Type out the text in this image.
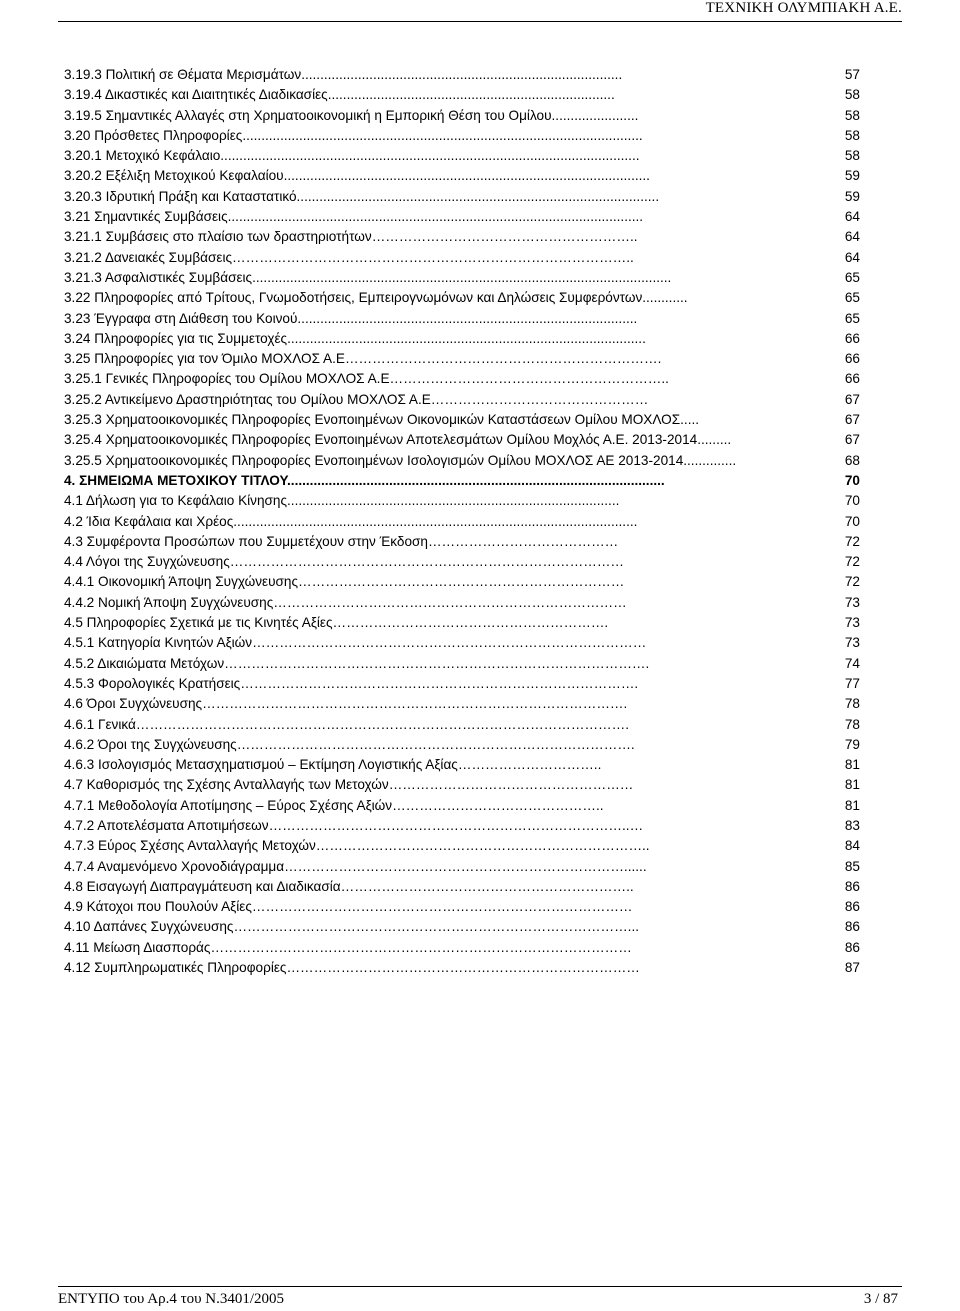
ΤΕΧΝΙΚΗ ΟΛΥΜΠΙΑΚΗ Α.Ε.
3.19.3 Πολιτική σε Θέματα Μερισμάτων.....................................................................................	57
3.19.4 Δικαστικές και Διαιτητικές Διαδικασίες............................................................................	58
3.19.5 Σημαντικές Αλλαγές στη Χρηματοοικονομική η Εμπορική Θέση του Ομίλου.......................	58
3.20 Πρόσθετες Πληροφορίες..........................................................................................................	58
3.20.1 Μετοχικό Κεφάλαιο...............................................................................................................	58
3.20.2 Εξέλιξη Μετοχικού Κεφαλαίου.................................................................................................	59
3.20.3 Ιδρυτική Πράξη και Καταστατικό................................................................................................	59
3.21 Σημαντικές Συμβάσεις..............................................................................................................	64
3.21.1 Συμβάσεις στο πλαίσιο των δραστηριοτήτων…………………………………………………..	64
3.21.2 Δανειακές Συμβάσεις……………………………………………………………………………..	64
3.21.3 Ασφαλιστικές Συμβάσεις...............................................................................................................	65
3.22 Πληροφορίες από Τρίτους, Γνωμοδοτήσεις, Εμπειρογνωμόνων και Δηλώσεις Συμφερόντων............	65
3.23 Έγγραφα στη Διάθεση του Κοινού..........................................................................................	65
3.24 Πληροφορίες για τις Συμμετοχές...............................................................................................	66
3.25 Πληροφορίες για τον Όμιλο ΜΟΧΛΟΣ Α.Ε…………………………………………………………….	66
3.25.1 Γενικές Πληροφορίες του Ομίλου ΜΟΧΛΟΣ Α.Ε……………………………………………………..	66
3.25.2 Αντικείμενο Δραστηριότητας του Ομίλου ΜΟΧΛΟΣ Α.Ε…………………………………………	67
3.25.3 Χρηματοοικονομικές Πληροφορίες Ενοποιημένων Οικονομικών Καταστάσεων Ομίλου ΜΟΧΛΟΣ.....	67
3.25.4 Χρηματοοικονομικές Πληροφορίες Ενοποιημένων Αποτελεσμάτων Ομίλου Μοχλός Α.Ε. 2013-2014.........	67
3.25.5 Χρηματοοικονομικές Πληροφορίες Ενοποιημένων Ισολογισμών Ομίλου ΜΟΧΛΟΣ ΑΕ 2013-2014..............	68
4. ΣΗΜΕΙΩΜΑ ΜΕΤΟΧΙΚΟΥ ΤΙΤΛΟΥ....................................................................................................	70
4.1 Δήλωση για το Κεφάλαιο Κίνησης........................................................................................	70
4.2 Ίδια Κεφάλαια και Χρέος...........................................................................................................	70
4.3 Συμφέροντα Προσώπων που Συμμετέχουν στην Έκδοση……………………………………	72
4.4 Λόγοι της Συγχώνευσης……………………………………………………………………………	72
4.4.1 Οικονομική Άποψη Συγχώνευσης………………………………………………………………	72
4.4.2 Νομική Άποψη Συγχώνευσης……………………………………………………………………	73
4.5 Πληροφορίες Σχετικά με τις Κινητές Αξίες…………………………………………………….	73
4.5.1 Κατηγορία Κινητών Αξιών……………………………………………………………………………	73
4.5.2 Δικαιώματα Μετόχων………………………………………………………………………………….	74
4.5.3 Φορολογικές Κρατήσεις…………………………………………………………………………….	77
4.6 Όροι Συγχώνευσης………………………………………………………………………………….	78
4.6.1 Γενικά……………………………………………………………………………………………….	78
4.6.2 Όροι της Συγχώνευσης…………………………………………………………………………….	79
4.6.3 Ισολογισμός Μετασχηματισμού – Εκτίμηση Λογιστικής Αξίας…………………………..	81
4.7 Καθορισμός της Σχέσης Ανταλλαγής των Μετοχών………………………………………………	81
4.7.1 Μεθοδολογία Αποτίμησης – Εύρος Σχέσης Αξιών………………………………………..	81
4.7.2 Αποτελέσματα Αποτιμήσεων……………………………………………………………………..…	83
4.7.3 Εύρος Σχέσης Ανταλλαγής Μετοχών………………………………………………………………..	84
4.7.4 Αναμενόμενο Χρονοδιάγραμμα…………………………………………………………………......	85
4.8 Εισαγωγή Διαπραγμάτευση και Διαδικασία………………………………………………………..	86
4.9 Κάτοχοι που Πουλούν Αξίες…………………………………………………………………………	86
4.10 Δαπάνες Συγχώνευσης……………………………………………………………………………...	86
4.11 Μείωση Διασποράς…………………………………………………………………………………	86
4.12 Συμπληρωματικές Πληροφορίες……………………………………………………………………	87
ΕΝΤΥΠΟ του Αρ.4 του Ν.3401/2005	3 / 87
